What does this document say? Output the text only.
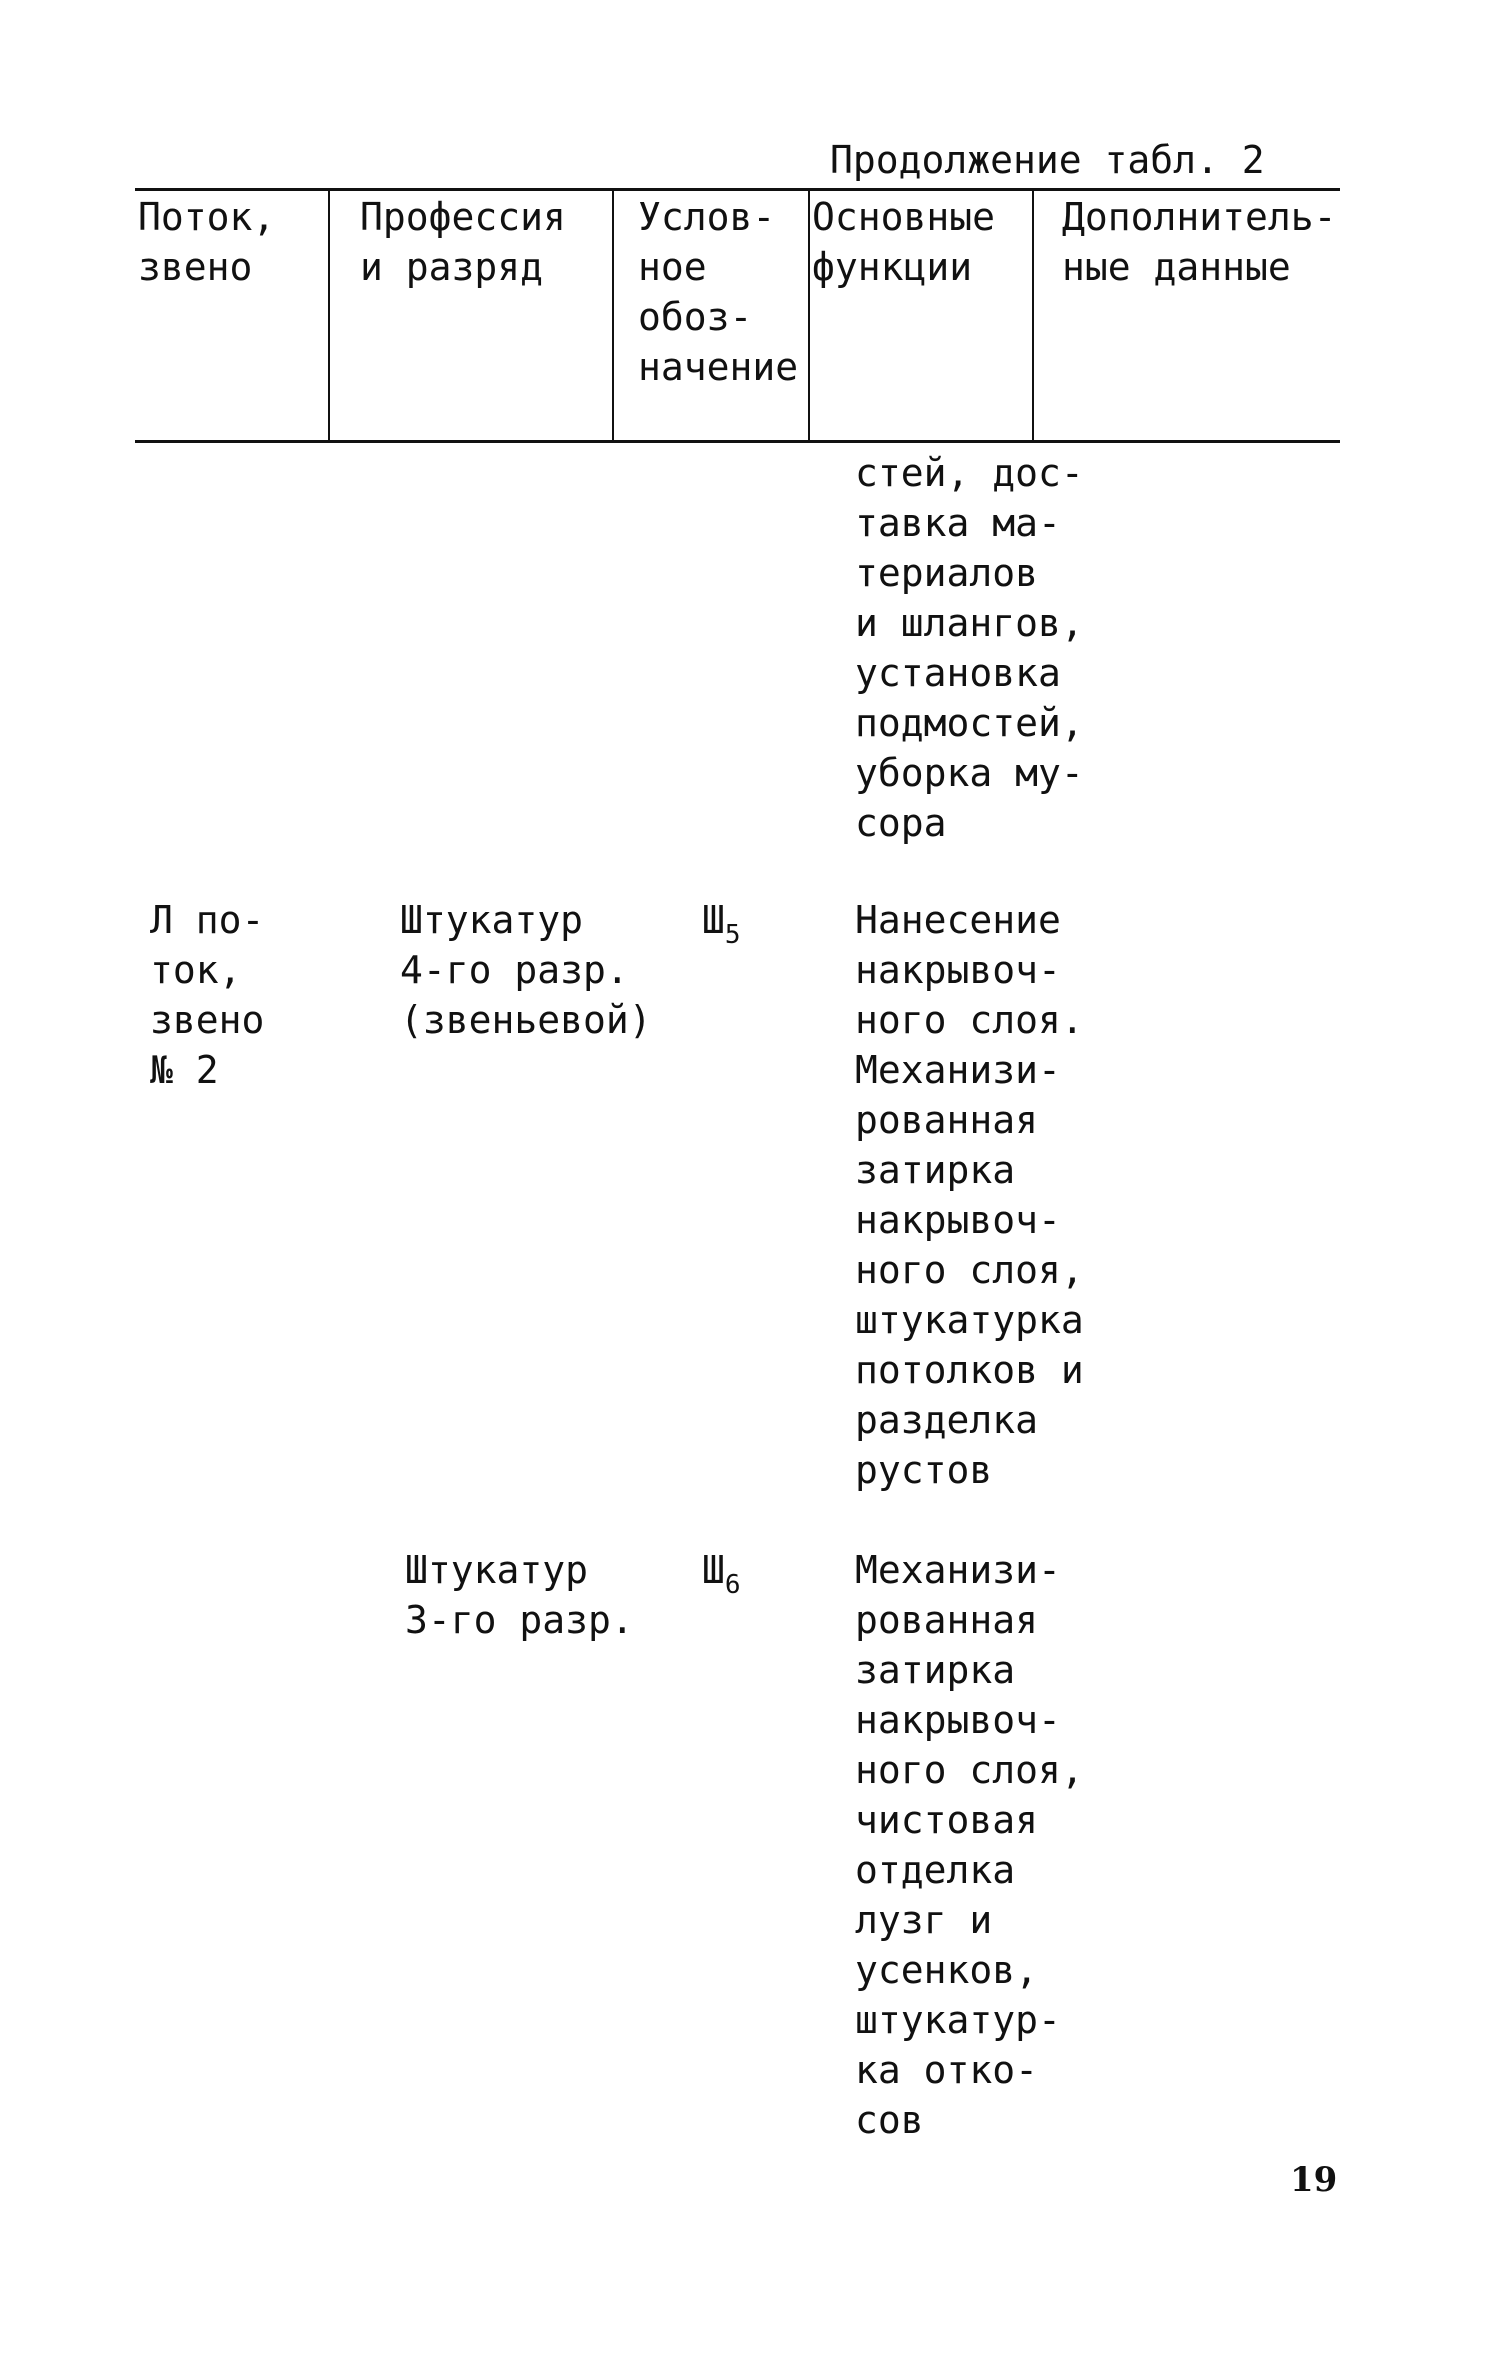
Продолжение табл. 2
Поток,
звено
Профессия
и разряд
Услов-
ное
обоз-
начение
Основные
функции
Дополнитель-
ные данные
стей, дос-
тавка ма-
териалов
и шлангов,
установка
подмостей,
уборка му-
сора
Л по-
ток,
звено
№ 2
Штукатур
4-го разр.
(звеньевой)
$Ш_5$	Нанесение
накрывоч-
ного слоя.
Механизи-
рованная
затирка
накрывоч-
ного слоя,
штукатурка
потолков и
разделка
рустов
Штукатур
3-го разр.
$Ш_6$	Механизи-
рованная
затирка
накрывоч-
ного слоя,
чистовая
отделка
лузг и
усенков,
штукатур-
ка отко-
сов
19
